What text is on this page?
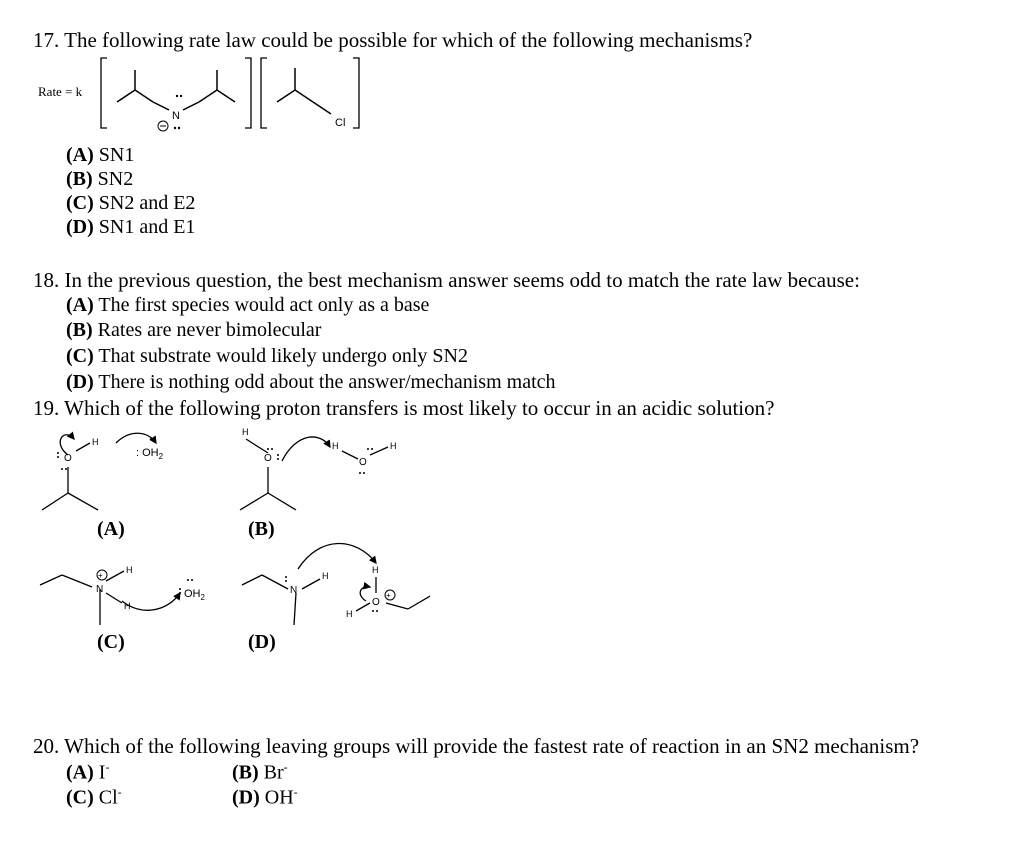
17. The following rate law could be possible for which of the following mechanisms?
Rate = k
N
Cl
(A) SN1
(B) SN2
(C) SN2 and E2
(D) SN1 and E1
18. In the previous question, the best mechanism answer seems odd to match the rate law because:
(A) The first species would act only as a base
(B) Rates are never bimolecular
(C) That substrate would likely undergo only SN2
(D) There is nothing odd about the answer/mechanism match
19. Which of the following proton transfers is most likely to occur in an acidic solution?
O
H
: $OH_2$
H
O
H
O
H
+
N
H
H
$OH_2$
N
H
H
O
H
+
(A)	(B)
(C)	(D)
20. Which of the following leaving groups will provide the fastest rate of reaction in an SN2 mechanism?
(A) I-	(B) Br-
(C) Cl-	(D) OH-
